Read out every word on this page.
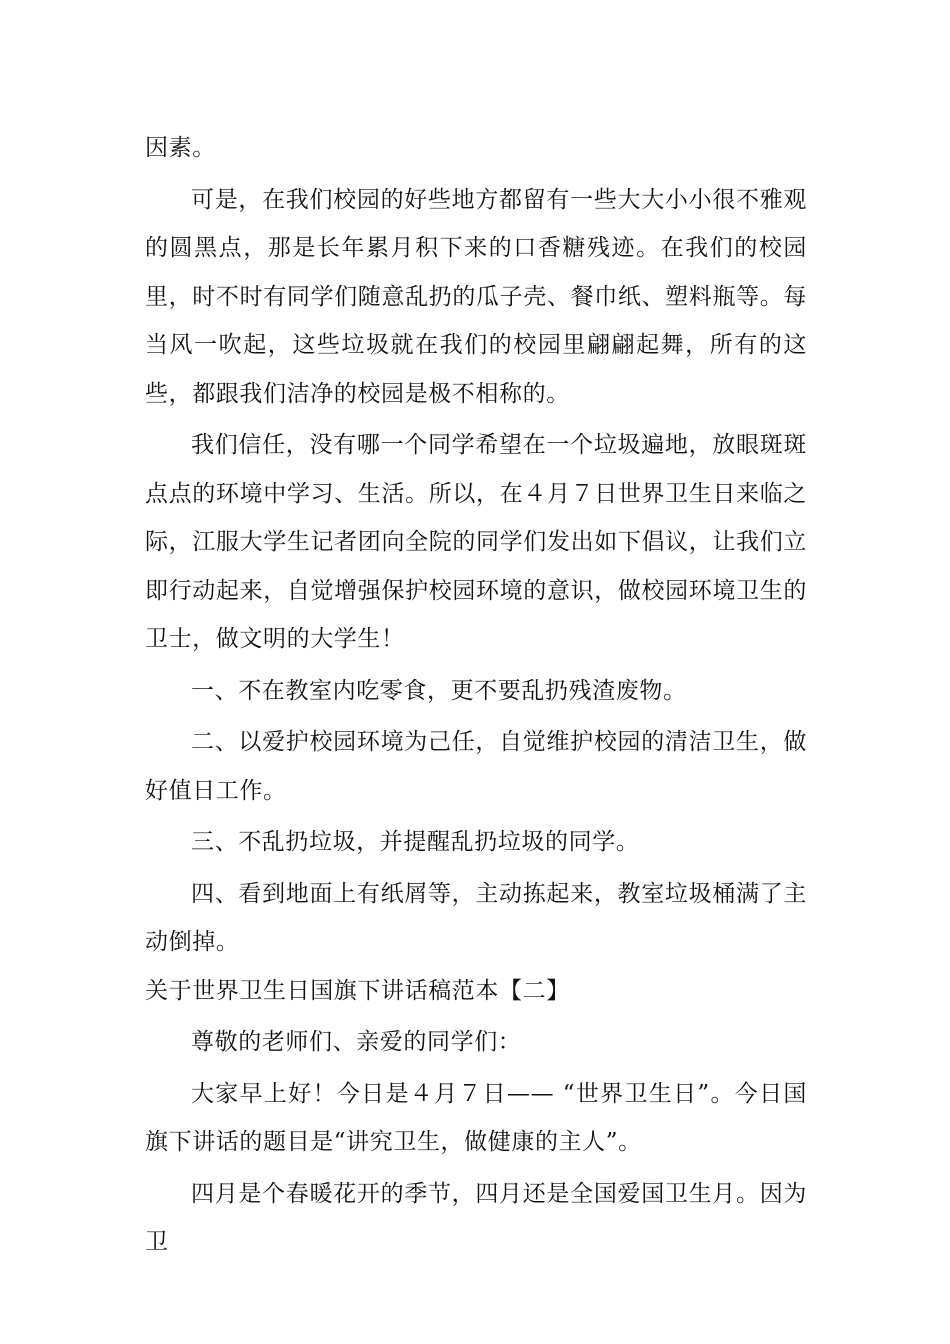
因素。

可是，在我们校园的好些地方都留有一些大大小小很不雅观的圆黑点，那是长年累月积下来的口香糖残迹。在我们的校园里，时不时有同学们随意乱扔的瓜子壳、餐巾纸、塑料瓶等。每当风一吹起，这些垃圾就在我们的校园里翩翩起舞，所有的这些，都跟我们洁净的校园是极不相称的。

我们信任，没有哪一个同学希望在一个垃圾遍地，放眼斑斑点点的环境中学习、生活。所以，在４月７日世界卫生日来临之际，江服大学生记者团向全院的同学们发出如下倡议，让我们立即行动起来，自觉增强保护校园环境的意识，做校园环境卫生的卫士，做文明的大学生！

一、不在教室内吃零食，更不要乱扔残渣废物。

二、以爱护校园环境为己任，自觉维护校园的清洁卫生，做好值日工作。

三、不乱扔垃圾，并提醒乱扔垃圾的同学。

四、看到地面上有纸屑等，主动拣起来，教室垃圾桶满了主动倒掉。

关于世界卫生日国旗下讲话稿范本【二】

尊敬的老师们、亲爱的同学们：

大家早上好！今日是４月７日—— “世界卫生日”。今日国旗下讲话的题目是“讲究卫生，做健康的主人”。

四月是个春暖花开的季节，四月还是全国爱国卫生月。因为卫
